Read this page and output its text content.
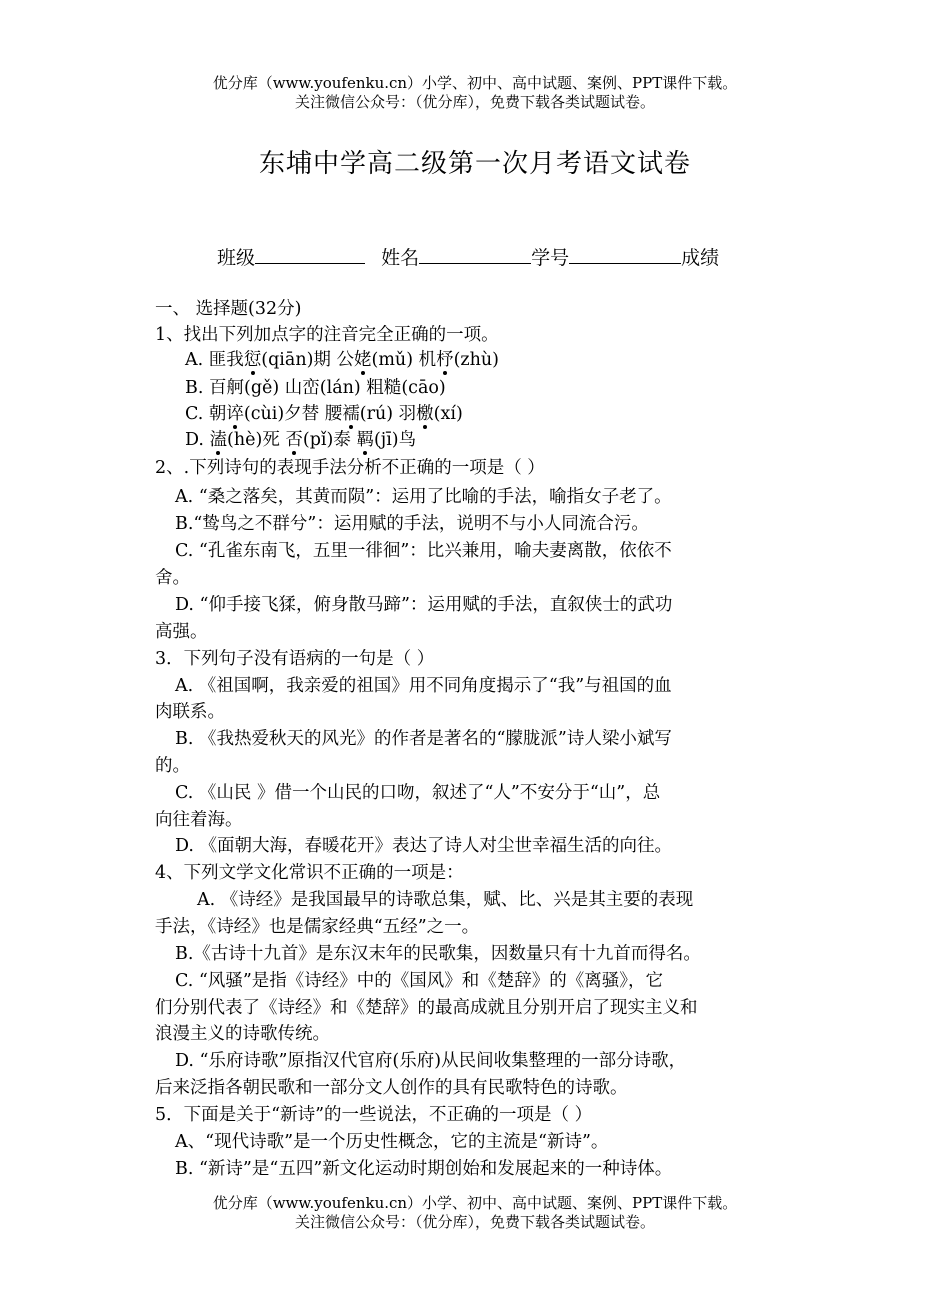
优分库（www.youfenku.cn）小学、初中、高中试题、案例、PPT课件下载。
关注微信公众号：（优分库），免费下载各类试题试卷。
东埔中学高二级第一次月考语文试卷
班级	姓名	学号	成绩
一、 选择题(32分)
1、找出下列加点字的注音完全正确的一项。
A. 匪我愆(qiān)期 公姥(mǔ) 机杼(zhù)
B. 百舸(gě) 山峦(lán) 粗糙(cāo)
C. 朝谇(cùi)夕替 腰襦(rú) 羽檄(xí)
D. 溘(hè)死 否(pǐ)泰 羁(jī)鸟
2、.下列诗句的表现手法分析不正确的一项是（ ）
A. “桑之落矣，其黄而陨”：运用了比喻的手法，喻指女子老了。
B.“鸷鸟之不群兮”：运用赋的手法，说明不与小人同流合污。
C. “孔雀东南飞，五里一徘徊”：比兴兼用，喻夫妻离散，依依不
舍。
D. “仰手接飞猱，俯身散马蹄”：运用赋的手法，直叙侠士的武功
高强。
3．下列句子没有语病的一句是（ ）
A. 《祖国啊，我亲爱的祖国》用不同角度揭示了“我”与祖国的血
肉联系。
B. 《我热爱秋天的风光》的作者是著名的“朦胧派”诗人梁小斌写
的。
C. 《山民 》借一个山民的口吻，叙述了“人”不安分于“山”，总
向往着海。
D. 《面朝大海，春暖花开》表达了诗人对尘世幸福生活的向往。
4、下列文学文化常识不正确的一项是：
A. 《诗经》是我国最早的诗歌总集，赋、比、兴是其主要的表现
手法，《诗经》也是儒家经典“五经”之一。
B.《古诗十九首》是东汉末年的民歌集，因数量只有十九首而得名。
C. “风骚”是指《诗经》中的《国风》和《楚辞》的《离骚》，它
们分别代表了《诗经》和《楚辞》的最高成就且分别开启了现实主义和
浪漫主义的诗歌传统。
D. “乐府诗歌”原指汉代官府(乐府)从民间收集整理的一部分诗歌，
后来泛指各朝民歌和一部分文人创作的具有民歌特色的诗歌。
5．下面是关于“新诗”的一些说法，不正确的一项是（ ）
A、“现代诗歌”是一个历史性概念，它的主流是“新诗”。
B. “新诗”是“五四”新文化运动时期创始和发展起来的一种诗体。
优分库（www.youfenku.cn）小学、初中、高中试题、案例、PPT课件下载。
关注微信公众号：（优分库），免费下载各类试题试卷。
